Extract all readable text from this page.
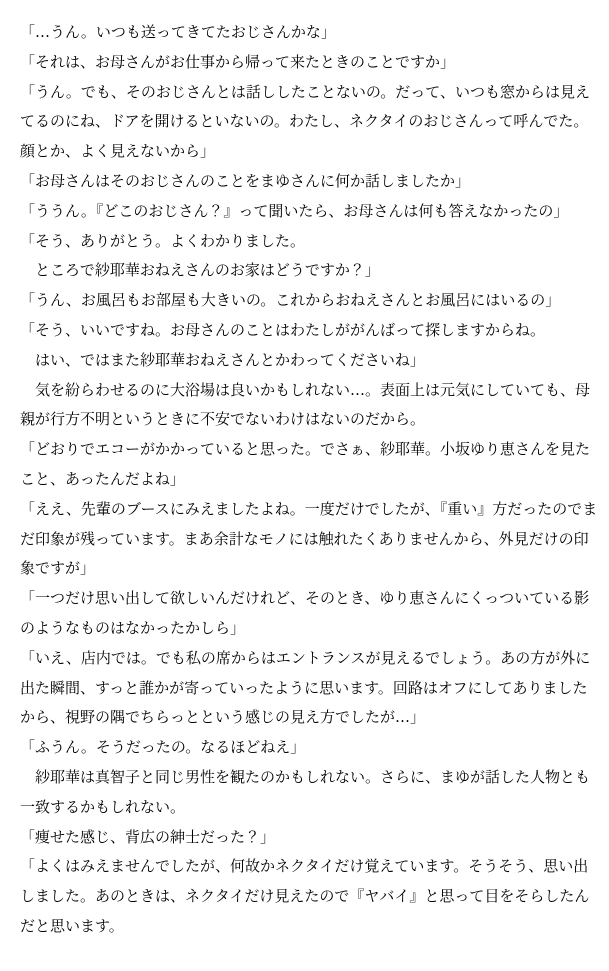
「…うん。いつも送ってきてたおじさんかな」

「それは、お母さんがお仕事から帰って来たときのことですか」

「うん。でも、そのおじさんとは話ししたことないの。だって、いつも窓からは見え

てるのにね、ドアを開けるといないの。わたし、ネクタイのおじさんって呼んでた。

顔とか、よく見えないから」

「お母さんはそのおじさんのことをまゆさんに何か話しましたか」

「ううん。『どこのおじさん？』って聞いたら、お母さんは何も答えなかったの」

「そう、ありがとう。よくわかりました。

　ところで紗耶華おねえさんのお家はどうですか？」

「うん、お風呂もお部屋も大きいの。これからおねえさんとお風呂にはいるの」

「そう、いいですね。お母さんのことはわたしががんばって探しますからね。

　はい、ではまた紗耶華おねえさんとかわってくださいね」

　気を紛らわせるのに大浴場は良いかもしれない…。表面上は元気にしていても、母

親が行方不明というときに不安でないわけはないのだから。

「どおりでエコーがかかっていると思った。でさぁ、紗耶華。小坂ゆり恵さんを見た

こと、あったんだよね」

「ええ、先輩のブースにみえましたよね。一度だけでしたが、『重い』方だったのでま

だ印象が残っています。まあ余計なモノには触れたくありませんから、外見だけの印

象ですが」

「一つだけ思い出して欲しいんだけれど、そのとき、ゆり恵さんにくっついている影

のようなものはなかったかしら」

「いえ、店内では。でも私の席からはエントランスが見えるでしょう。あの方が外に

出た瞬間、すっと誰かが寄っていったように思います。回路はオフにしてありました

から、視野の隅でちらっとという感じの見え方でしたが…」

「ふうん。そうだったの。なるほどねえ」

　紗耶華は真智子と同じ男性を観たのかもしれない。さらに、まゆが話した人物とも

一致するかもしれない。

「痩せた感じ、背広の紳士だった？」

「よくはみえませんでしたが、何故かネクタイだけ覚えています。そうそう、思い出

しました。あのときは、ネクタイだけ見えたので『ヤバイ』と思って目をそらしたん

だと思います。
